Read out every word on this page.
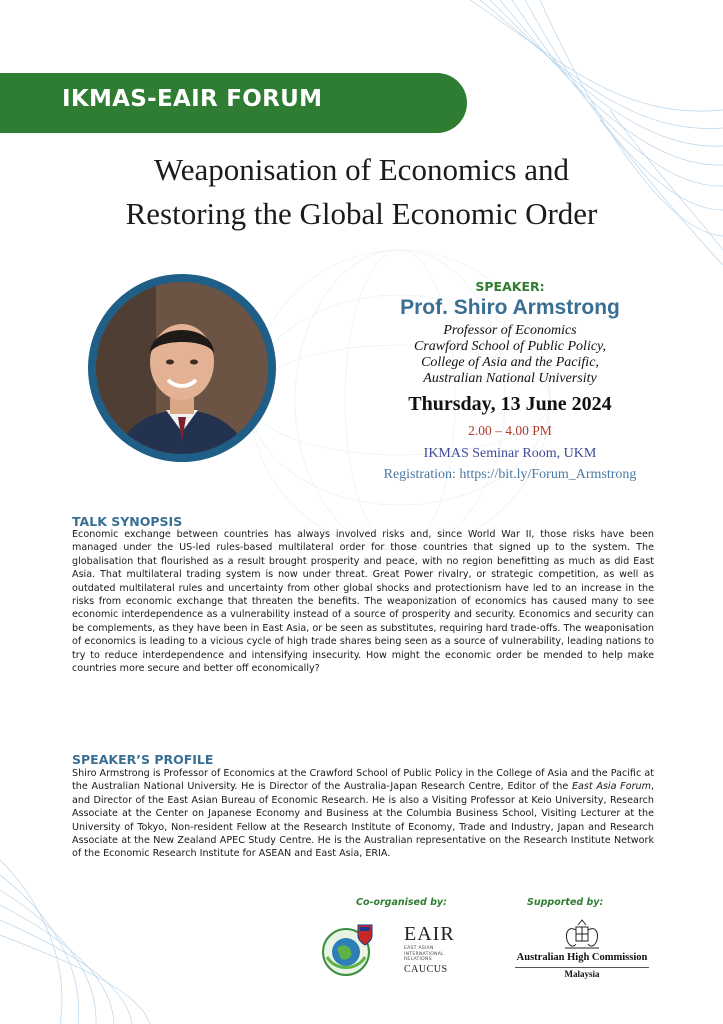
IKMAS-EAIR FORUM
Weaponisation of Economics and
Restoring the Global Economic Order
SPEAKER:
Prof. Shiro Armstrong
Professor of Economics
Crawford School of Public Policy,
College of Asia and the Pacific,
Australian National University
Thursday, 13 June 2024
2.00 – 4.00 PM
IKMAS Seminar Room, UKM
Registration: https://bit.ly/Forum_Armstrong
TALK SYNOPSIS
Economic exchange between countries has always involved risks and, since World War II, those risks have been managed under the US-led rules-based multilateral order for those countries that signed up to the system. The globalisation that flourished as a result brought prosperity and peace, with no region benefitting as much as did East Asia. That multilateral trading system is now under threat. Great Power rivalry, or strategic competition, as well as outdated multilateral rules and uncertainty from other global shocks and protectionism have led to an increase in the risks from economic exchange that threaten the benefits. The weaponization of economics has caused many to see economic interdependence as a vulnerability instead of a source of prosperity and security. Economics and security can be complements, as they have been in East Asia, or be seen as substitutes, requiring hard trade-offs. The weaponisation of economics is leading to a vicious cycle of high trade shares being seen as a source of vulnerability, leading nations to try to reduce interdependence and intensifying insecurity. How might the economic order be mended to help make countries more secure and better off economically?
SPEAKER’S PROFILE
Shiro Armstrong is Professor of Economics at the Crawford School of Public Policy in the College of Asia and the Pacific at the Australian National University. He is Director of the Australia-Japan Research Centre, Editor of the East Asia Forum, and Director of the East Asian Bureau of Economic Research. He is also a Visiting Professor at Keio University, Research Associate at the Center on Japanese Economy and Business at the Columbia Business School, Visiting Lecturer at the University of Tokyo, Non-resident Fellow at the Research Institute of Economy, Trade and Industry, Japan and Research Associate at the New Zealand APEC Study Centre. He is the Australian representative on the Research Institute Network of the Economic Research Institute for ASEAN and East Asia, ERIA.
Co-organised by:	Supported by:
EAIR
EAST ASIAN
INTERNATIONAL
RELATIONS
CAUCUS
Australian High Commission
Malaysia
